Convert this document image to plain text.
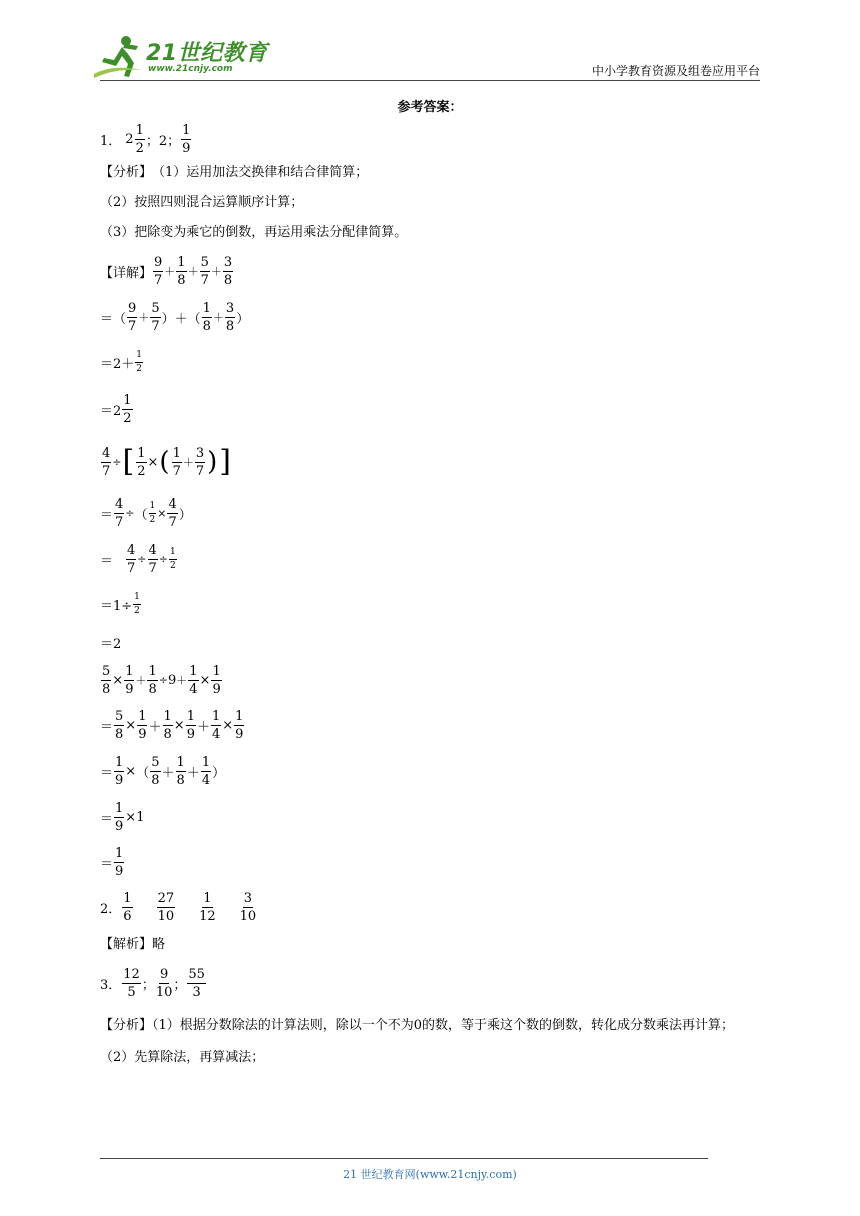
21世纪教育
www.21cnjy.com	中小学教育资源及组卷应用平台
参考答案：
1． $2 \frac{1}{2}$ ；2； $\frac{1}{9}$
【分析】 （1）运用加法交换律和结合律简算；
（2）按照四则混合运算顺序计算；
（3）把除变为乘它的倒数，再运用乘法分配律简算。
【详解】 $\frac{9}{7} + \frac{1}{8} + \frac{5}{7} + \frac{3}{8}$
＝ （ $\frac{9}{7} + \frac{5}{7}$ ） ＋ （ $\frac{1}{8} + \frac{3}{8}$ ）
$=2+ \frac{1}{2}$
$=2 \frac{1}{2}$
$\frac{4}{7}$ ÷ [ $\frac{1}{2}$ × ( $\frac{1}{7} + \frac{3}{7}$ ) ]
＝ $\frac{4}{7}$ ÷ （ $\frac{1}{2} \times \frac{4}{7}$ ）
＝ $\frac{4}{7} \div \frac{4}{7} \div \frac{1}{2}$
$=1\div \frac{1}{2}$
＝2
$\frac{5}{8} \times \frac{1}{9} + \frac{1}{8} \div 9 + \frac{1}{4} \times \frac{1}{9}$
＝ $\frac{5}{8} \times \frac{1}{9} + \frac{1}{8} \times \frac{1}{9} + \frac{1}{4} \times \frac{1}{9}$
＝ $\frac{1}{9}$ × （ $\frac{5}{8} + \frac{1}{8} + \frac{1}{4}$ ）
＝ $\frac{1}{9} \times 1$
＝ $\frac{1}{9}$
2． $\frac{1}{6} \frac{27}{10} \frac{1}{12} \frac{3}{10}$
【解析】 略
3． $\frac{12}{5}$ ； $\frac{9}{10}$ ； $\frac{55}{3}$
【分析】（1）根据分数除法的计算法则，除以一个不为0的数，等于乘这个数的倒数，转化成分数乘法再计算；
（2）先算除法，再算减法；
21 世纪教育网(www.21cnjy.com)
